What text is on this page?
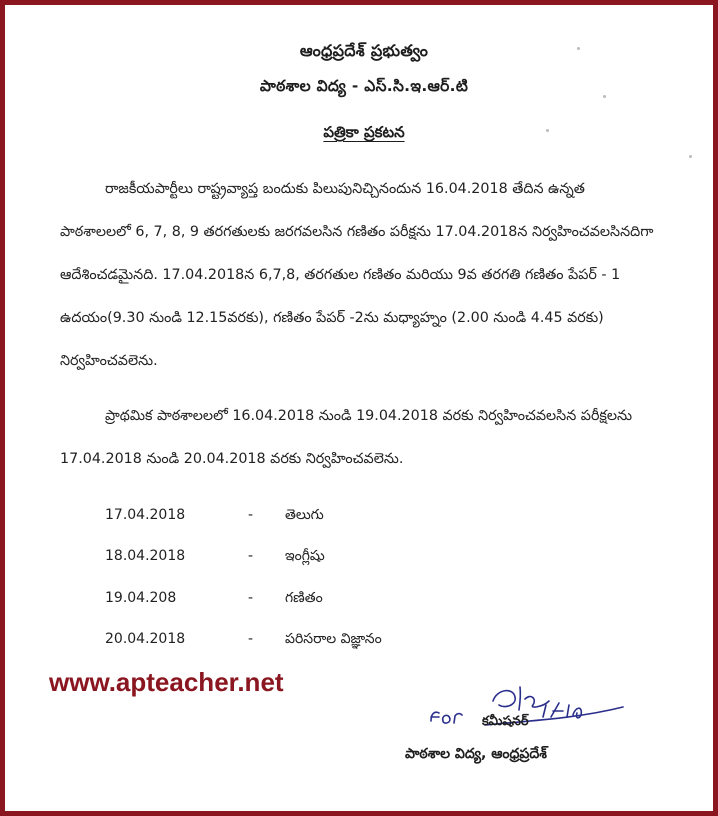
ఆంధ్రప్రదేశ్ ప్రభుత్వం
పాఠశాల విద్య - ఎస్.సి.ఇ.ఆర్.టి
పత్రికా ప్రకటన
రాజకీయపార్టీలు రాష్ట్రవ్యాప్త బందుకు పిలుపునిచ్చినందున 16.04.2018 తేదిన ఉన్నత
పాఠశాలలలో 6, 7, 8, 9 తరగతులకు జరగవలసిన గణితం పరీక్షను 17.04.2018న నిర్వహించవలసినదిగా
ఆదేశించడమైనది. 17.04.2018న 6,7,8, తరగతుల గణితం మరియు 9వ తరగతి గణితం పేపర్ - 1
ఉదయం(9.30 నుండి 12.15వరకు), గణితం పేపర్ -2ను మధ్యాహ్నం (2.00 నుండి 4.45 వరకు)
నిర్వహించవలెను.
ప్రాథమిక పాఠశాలలలో 16.04.2018 నుండి 19.04.2018 వరకు నిర్వహించవలసిన పరీక్షలను
17.04.2018 నుండి 20.04.2018 వరకు నిర్వహించవలెను.
17.04.2018	- తెలుగు
18.04.2018	- ఇంగ్లీషు
19.04.208	- గణితం
20.04.2018	- పరిసరాల విజ్ఞానం
www.apteacher.net
కమీషనర్
పాఠశాల విద్య, ఆంధ్రప్రదేశ్
